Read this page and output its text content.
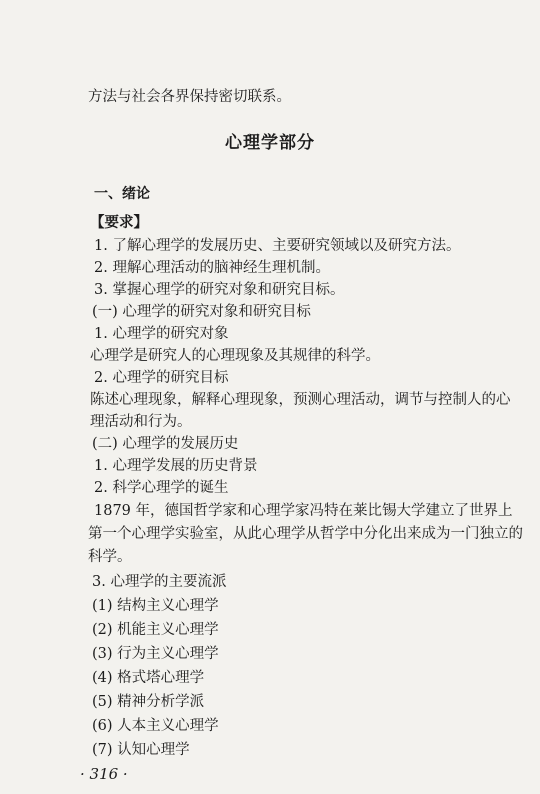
方法与社会各界保持密切联系。
心理学部分
一、绪论
【要求】
1. 了解心理学的发展历史、主要研究领域以及研究方法。
2. 理解心理活动的脑神经生理机制。
3. 掌握心理学的研究对象和研究目标。
(一) 心理学的研究对象和研究目标
1. 心理学的研究对象
心理学是研究人的心理现象及其规律的科学。
2. 心理学的研究目标
陈述心理现象，解释心理现象，预测心理活动，调节与控制人的心
理活动和行为。
(二) 心理学的发展历史
1. 心理学发展的历史背景
2. 科学心理学的诞生
1879 年，德国哲学家和心理学家冯特在莱比锡大学建立了世界上
第一个心理学实验室，从此心理学从哲学中分化出来成为一门独立的
科学。
3. 心理学的主要流派
(1) 结构主义心理学
(2) 机能主义心理学
(3) 行为主义心理学
(4) 格式塔心理学
(5) 精神分析学派
(6) 人本主义心理学
(7) 认知心理学
· 316 ·
